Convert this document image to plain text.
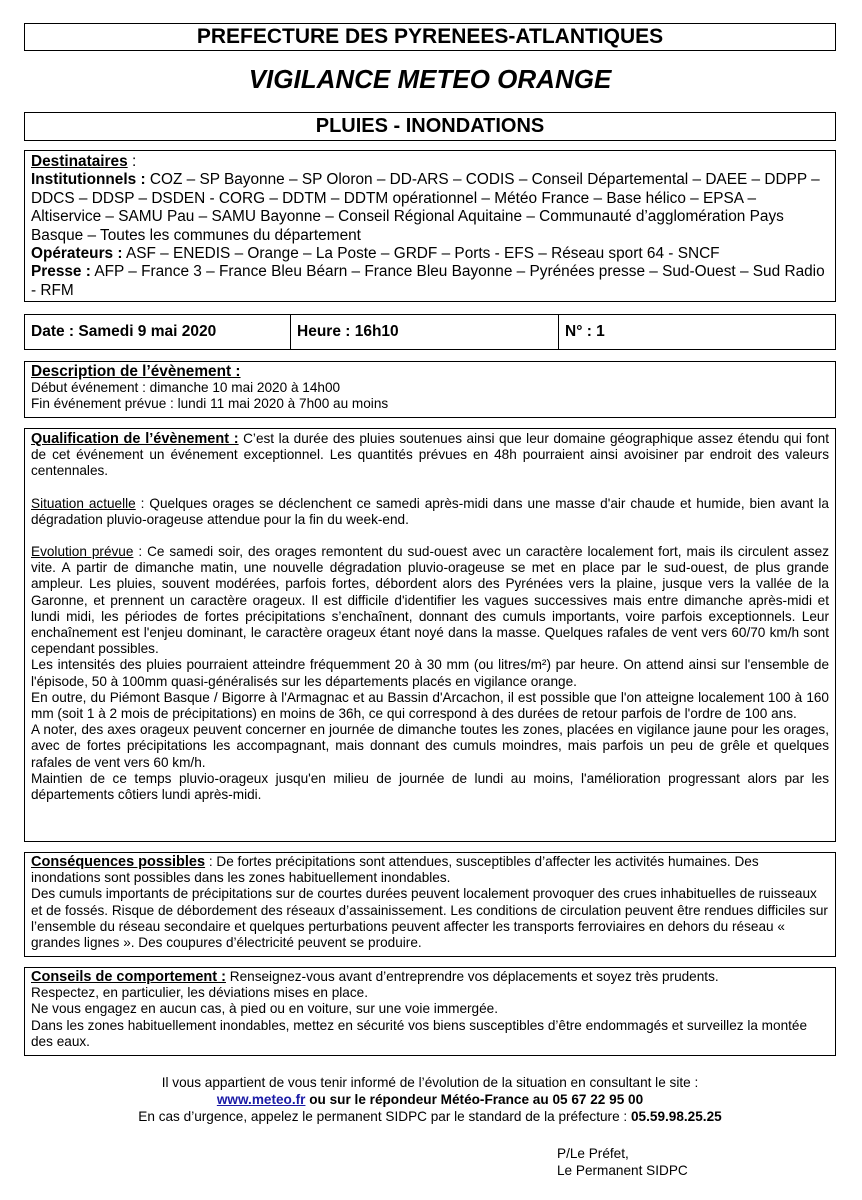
PREFECTURE DES PYRENEES-ATLANTIQUES
VIGILANCE METEO ORANGE
PLUIES - INONDATIONS

Destinataires :

Institutionnels : COZ – SP Bayonne – SP Oloron – DD-ARS – CODIS – Conseil Départemental – DAEE – DDPP – DDCS – DDSP – DSDEN - CORG – DDTM – DDTM opérationnel – Météo France – Base hélico – EPSA – Altiservice – SAMU Pau – SAMU Bayonne – Conseil Régional Aquitaine – Communauté d’agglomération Pays Basque – Toutes les communes du département

Opérateurs : ASF – ENEDIS – Orange – La Poste – GRDF – Ports - EFS – Réseau sport 64 - SNCF

Presse : AFP – France 3 – France Bleu Béarn – France Bleu Bayonne – Pyrénées presse – Sud-Ouest – Sud Radio - RFM

Date : Samedi 9 mai 2020	Heure : 16h10	N° : 1

Description de l’évènement :

Début événement : dimanche 10 mai 2020 à 14h00

Fin événement prévue : lundi 11 mai 2020 à 7h00 au moins

Qualification de l’évènement : C’est la durée des pluies soutenues ainsi que leur domaine géographique assez étendu qui font de cet événement un événement exceptionnel. Les quantités prévues en 48h pourraient ainsi avoisiner par endroit des valeurs centennales.

Situation actuelle : Quelques orages se déclenchent ce samedi après-midi dans une masse d'air chaude et humide, bien avant la dégradation pluvio-orageuse attendue pour la fin du week-end.

Evolution prévue : Ce samedi soir, des orages remontent du sud-ouest avec un caractère localement fort, mais ils circulent assez vite. A partir de dimanche matin, une nouvelle dégradation pluvio-orageuse se met en place par le sud-ouest, de plus grande ampleur. Les pluies, souvent modérées, parfois fortes, débordent alors des Pyrénées vers la plaine, jusque vers la vallée de la Garonne, et prennent un caractère orageux. Il est difficile d'identifier les vagues successives mais entre dimanche après-midi et lundi midi, les périodes de fortes précipitations s’enchaînent, donnant des cumuls importants, voire parfois exceptionnels. Leur enchaînement est l'enjeu dominant, le caractère orageux étant noyé dans la masse. Quelques rafales de vent vers 60/70 km/h sont cependant possibles.

Les intensités des pluies pourraient atteindre fréquemment 20 à 30 mm (ou litres/m²) par heure. On attend ainsi sur l'ensemble de l'épisode, 50 à 100mm quasi-généralisés sur les départements placés en vigilance orange.

En outre, du Piémont Basque / Bigorre à l'Armagnac et au Bassin d'Arcachon, il est possible que l'on atteigne localement 100 à 160 mm (soit 1 à 2 mois de précipitations) en moins de 36h, ce qui correspond à des durées de retour parfois de l'ordre de 100 ans.

A noter, des axes orageux peuvent concerner en journée de dimanche toutes les zones, placées en vigilance jaune pour les orages, avec de fortes précipitations les accompagnant, mais donnant des cumuls moindres, mais parfois un peu de grêle et quelques rafales de vent vers 60 km/h.

Maintien de ce temps pluvio-orageux jusqu'en milieu de journée de lundi au moins, l'amélioration progressant alors par les départements côtiers lundi après-midi.

Conséquences possibles : De fortes précipitations sont attendues, susceptibles d’affecter les activités humaines. Des inondations sont possibles dans les zones habituellement inondables.

Des cumuls importants de précipitations sur de courtes durées peuvent localement provoquer des crues inhabituelles de ruisseaux et de fossés. Risque de débordement des réseaux d’assainissement. Les conditions de circulation peuvent être rendues difficiles sur l’ensemble du réseau secondaire et quelques perturbations peuvent affecter les transports ferroviaires en dehors du réseau « grandes lignes ». Des coupures d’électricité peuvent se produire.

Conseils de comportement : Renseignez-vous avant d’entreprendre vos déplacements et soyez très prudents.

Respectez, en particulier, les déviations mises en place.

Ne vous engagez en aucun cas, à pied ou en voiture, sur une voie immergée.

Dans les zones habituellement inondables, mettez en sécurité vos biens susceptibles d’être endommagés et surveillez la montée des eaux.

Il vous appartient de vous tenir informé de l’évolution de la situation en consultant le site :

www.meteo.fr ou sur le répondeur Météo-France au 05 67 22 95 00

En cas d’urgence, appelez le permanent SIDPC par le standard de la préfecture : 05.59.98.25.25

P/Le Préfet,

Le Permanent SIDPC
